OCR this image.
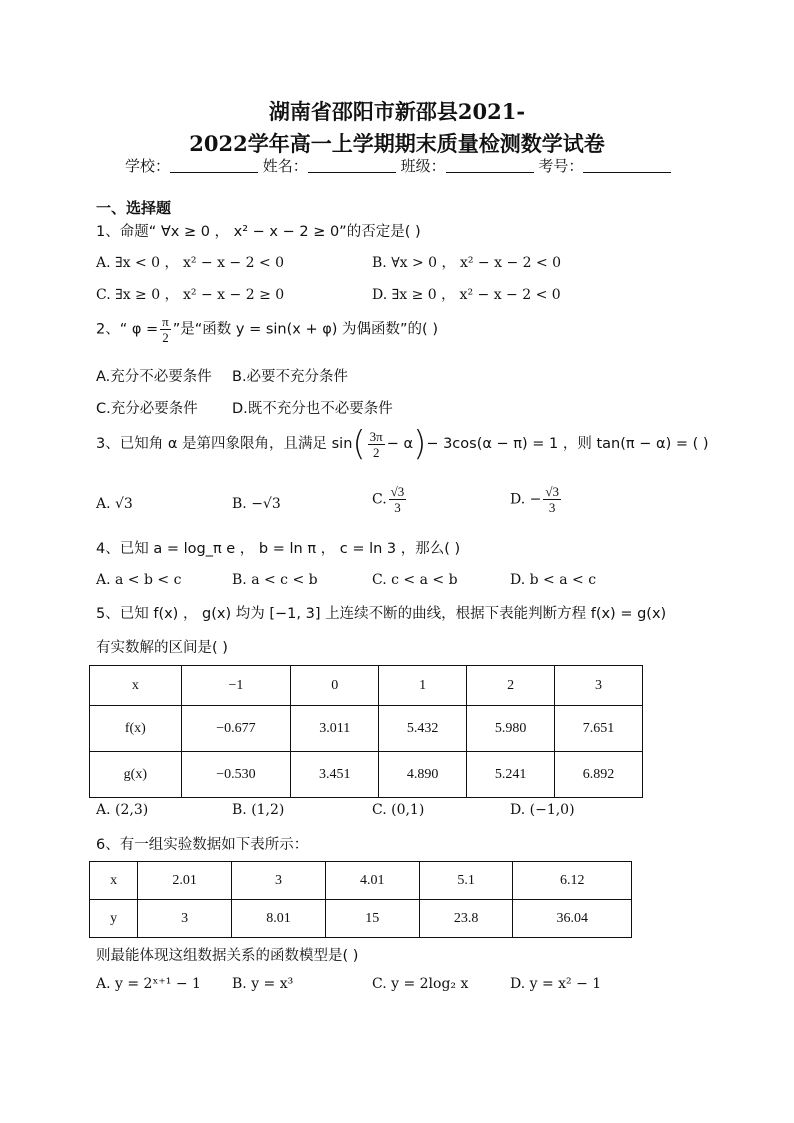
湖南省邵阳市新邵县2021-
2022学年高一上学期期末质量检测数学试卷
学校：	姓名：	班级：	考号：
一、选择题
1、命题“ ∀x ≥ 0 ， x² − x − 2 ≥ 0”的否定是( )
A. ∃x < 0 ， x² − x − 2 < 0	B. ∀x > 0 ， x² − x − 2 < 0
C. ∃x ≥ 0 ， x² − x − 2 ≥ 0	D. ∃x ≥ 0 ， x² − x − 2 < 0
2、“ $\varphi = \frac{\pi}{2}$ ”是“函数 y = sin(x + φ) 为偶函数”的( )
A.充分不必要条件 B.必要不充分条件
C.充分必要条件 D.既不充分也不必要条件
3、已知角 α 是第四象限角，且满足 $\sin( \frac{3\pi}{2} - \alpha)- 3\cos(\alpha - \pi) = 1$ ，则 tan(π − α) = ( )
A. √3	B. −√3	C. $\frac{√3}{3}$	D. − $\frac{√3}{3}$
4、已知 a = log_π e ， b = ln π ， c = ln 3 ，那么( )
A. a < b < c	B. a < c < b	C. c < a < b	D. b < a < c
5、已知 f(x) ， g(x) 均为 [−1, 3] 上连续不断的曲线，根据下表能判断方程 f(x) = g(x)
有实数解的区间是( )
x	−1	0	1	2	3
f(x)	−0.677	3.011	5.432	5.980	7.651
g(x)	−0.530	3.451	4.890	5.241	6.892
A. (2,3)	B. (1,2)	C. (0,1)	D. (−1,0)
6、有一组实验数据如下表所示：
x	2.01	3	4.01	5.1	6.12
y	3	8.01	15	23.8	36.04
则最能体现这组数据关系的函数模型是( )
A. y = 2ˣ⁺¹ − 1 B. y = x³	C. y = 2log₂ x	D. y = x² − 1
